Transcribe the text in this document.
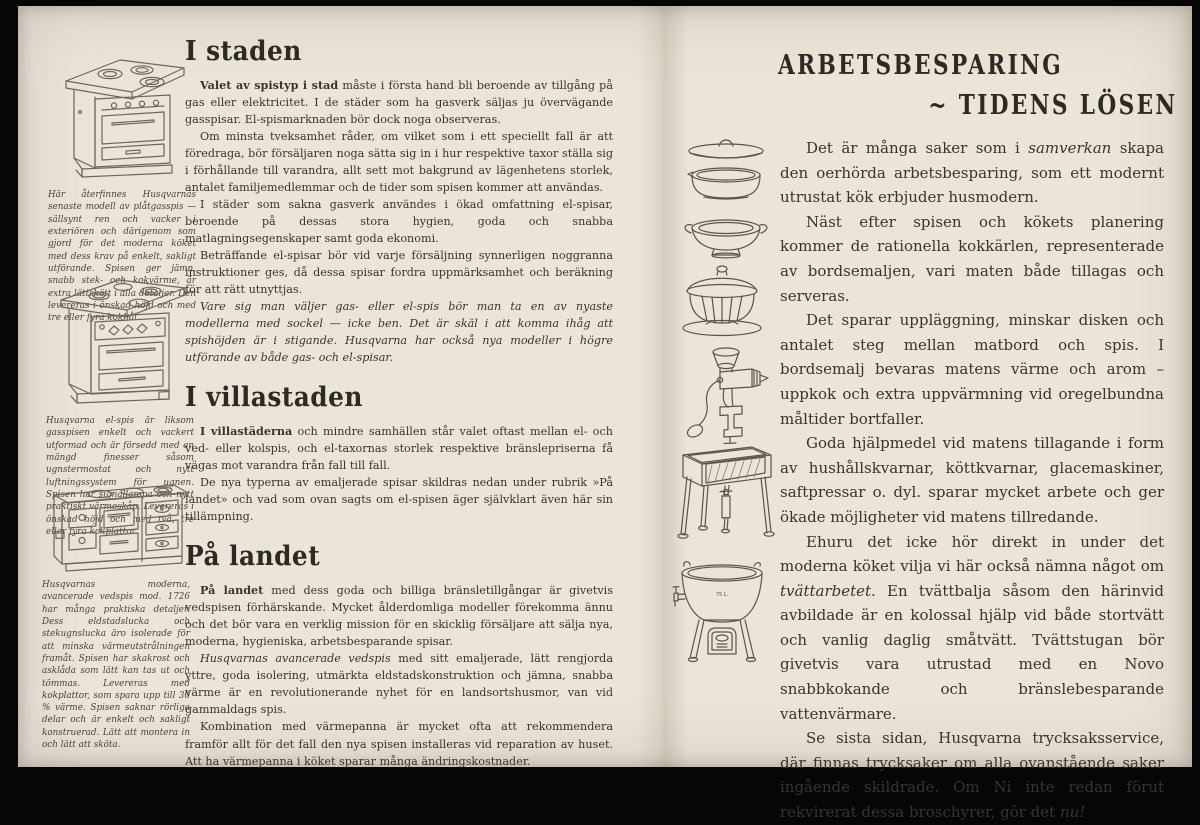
Här återfinnes Husqvarnas senaste modell av plåtgasspis — sällsynt ren och vacker i exteriören och därigenom som gjord för det moderna köket med dess krav på enkelt, sakligt utförande. Spisen ger jämn, snabb stek- och kokvärme, är extra lättskött i alla detaljer. Den levereras i önskad höjd och med tre eller fyra kokhål.
Husqvarna el-spis är liksom gasspisen enkelt och vackert utformad och är försedd med en mängd finesser såsom ugnstermostat och nytt luftningssystem för ugnen. Spisen har signallampa och nytt praktiskt värmeskåp. Levereras i önskad höjd och med två, tre eller fyra kokplattor.
Husqvarnas moderna, avancerade vedspis mod. 1726 har många praktiska detaljer. Dess eldstadslucka och stekugnslucka äro isolerade för att minska värmeutstrålningen framåt. Spisen har skakrost och asklåda som lätt kan tas ut och tömmas. Levereras med kokplattor, som spara upp till 30 % värme. Spisen saknar rörliga delar och är enkelt och sakligt konstruerad. Lätt att montera in och lätt att sköta.
I staden

Valet av spistyp i stad måste i första hand bli beroende av tillgång på gas eller elektricitet. I de städer som ha gasverk säljas ju övervägande gasspisar. El-spismarknaden bör dock noga observeras.

Om minsta tveksamhet råder, om vilket som i ett speciellt fall är att föredraga, bör försäljaren noga sätta sig in i hur respektive taxor ställa sig i förhållande till varandra, allt sett mot bakgrund av lägenhetens storlek, antalet familjemedlemmar och de tider som spisen kommer att användas.

I städer som sakna gasverk användes i ökad omfattning el-spisar, beroende på dessas stora hygien, goda och snabba matlagningsegenskaper samt goda ekonomi.

Beträffande el-spisar bör vid varje försäljning synnerligen noggranna instruktioner ges, då dessa spisar fordra uppmärksamhet och beräkning för att rätt utnyttjas.

Vare sig man väljer gas- eller el-spis bör man ta en av nyaste modellerna med sockel — icke ben. Det är skäl i att komma ihåg att spishöjden är i stigande. Husqvarna har också nya modeller i högre utförande av både gas- och el-spisar.

I villastaden

I villastäderna och mindre samhällen står valet oftast mellan el- och ved- eller kolspis, och el-taxornas storlek respektive bränslepriserna få vägas mot varandra från fall till fall.

De nya typerna av emaljerade spisar skildras nedan under rubrik »På landet» och vad som ovan sagts om el-spisen äger självklart även här sin tillämpning.

På landet

På landet med dess goda och billiga bränsletillgångar är givetvis vedspisen förhärskande. Mycket ålderdomliga modeller förekomma ännu och det bör vara en verklig mission för en skicklig försäljare att sälja nya, moderna, hygieniska, arbetsbesparande spisar.

Husqvarnas avancerade vedspis med sitt emaljerade, lätt rengjorda yttre, goda isolering, utmärkta eldstadskonstruktion och jämna, snabba värme är en revolutionerande nyhet för en landsortshusmor, van vid gammaldags spis.

Kombination med värmepanna är mycket ofta att rekommendera framför allt för det fall den nya spisen installeras vid reparation av huset. Att ha värmepanna i köket sparar många ändringskostnader.

ARBETSBESPARING
~ TIDENS LÖSEN
75 L.

Det är många saker som i samverkan skapa den oerhörda arbetsbesparing, som ett modernt utrustat kök erbjuder husmodern.

Näst efter spisen och kökets planering kommer de rationella kokkärlen, representerade av bordsemaljen, vari maten både tillagas och serveras.

Det sparar uppläggning, minskar disken och antalet steg mellan matbord och spis. I bordsemalj bevaras matens värme och arom – uppkok och extra uppvärmning vid oregelbundna måltider bortfaller.

Goda hjälpmedel vid matens tillagande i form av hushållskvarnar, köttkvarnar, glacemaskiner, saftpressar o. dyl. sparar mycket arbete och ger ökade möjligheter vid matens tillredande.

Ehuru det icke hör direkt in under det moderna köket vilja vi här också nämna något om tvättarbetet. En tvättbalja såsom den härinvid avbildade är en kolossal hjälp vid både stortvätt och vanlig daglig småtvätt. Tvättstugan bör givetvis vara utrustad med en Novo snabbkokande och bränslebesparande vattenvärmare.

Se sista sidan, Husqvarna trycksaksservice, där finnas trycksaker om alla ovanstående saker ingående skildrade. Om Ni inte redan förut rekvirerat dessa broschyrer, gör det nu!
